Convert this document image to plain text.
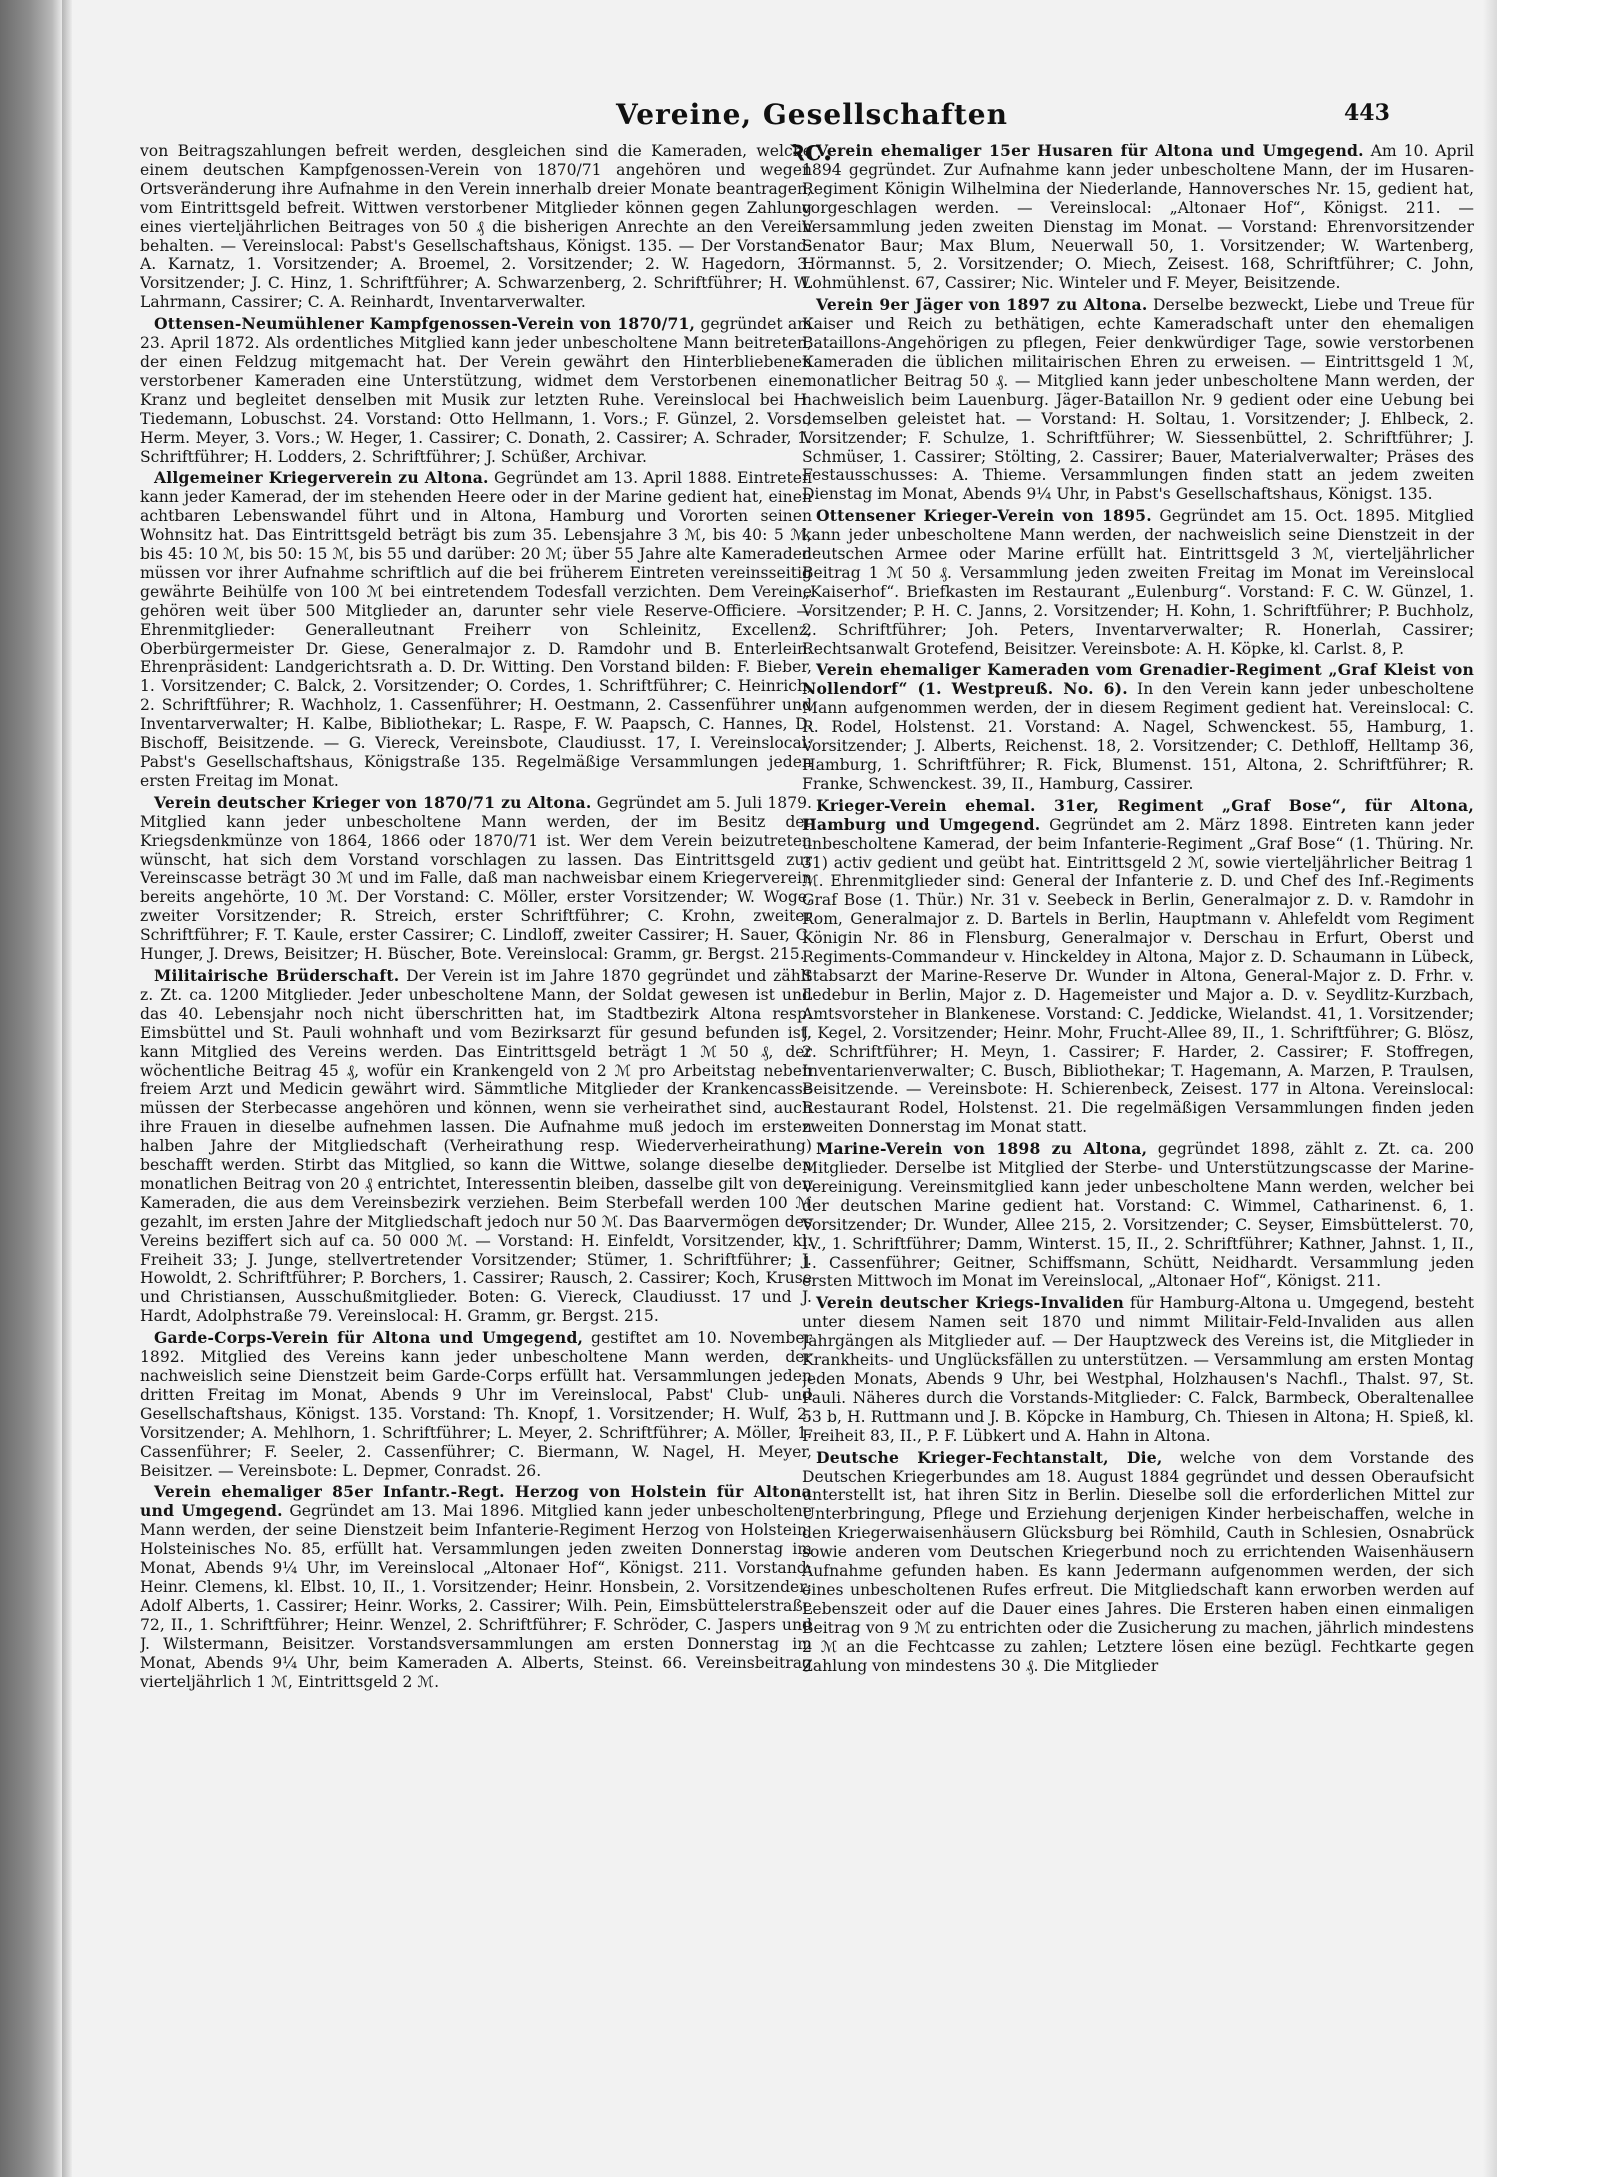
Vereine, Gesellschaften ꝛc.
443

von Beitragszahlungen befreit werden, desgleichen sind die Kameraden, welche einem deutschen Kampfgenossen-Verein von 1870/71 angehören und wegen Ortsveränderung ihre Aufnahme in den Verein innerhalb dreier Monate beantragen, vom Eintrittsgeld befreit. Wittwen verstorbener Mitglieder können gegen Zahlung eines vierteljährlichen Beitrages von 50 ₰ die bisherigen Anrechte an den Verein behalten. — Vereinslocal: Pabst's Gesellschaftshaus, Königst. 135. — Der Vorstand: A. Karnatz, 1. Vorsitzender; A. Broemel, 2. Vorsitzender; 2. W. Hagedorn, 3. Vorsitzender; J. C. Hinz, 1. Schriftführer; A. Schwarzenberg, 2. Schriftführer; H. W. Lahrmann, Cassirer; C. A. Reinhardt, Inventarverwalter.

Ottensen-Neumühlener Kampfgenossen-Verein von 1870/71, gegründet am 23. April 1872. Als ordentliches Mitglied kann jeder unbescholtene Mann beitreten, der einen Feldzug mitgemacht hat. Der Verein gewährt den Hinterbliebenen verstorbener Kameraden eine Unterstützung, widmet dem Verstorbenen einen Kranz und begleitet denselben mit Musik zur letzten Ruhe. Vereinslocal bei H. Tiedemann, Lobuschst. 24. Vorstand: Otto Hellmann, 1. Vors.; F. Günzel, 2. Vors.; Herm. Meyer, 3. Vors.; W. Heger, 1. Cassirer; C. Donath, 2. Cassirer; A. Schrader, 1. Schriftführer; H. Lodders, 2. Schriftführer; J. Schüßer, Archivar.

Allgemeiner Kriegerverein zu Altona. Gegründet am 13. April 1888. Eintreten kann jeder Kamerad, der im stehenden Heere oder in der Marine gedient hat, einen achtbaren Lebenswandel führt und in Altona, Hamburg und Vororten seinen Wohnsitz hat. Das Eintrittsgeld beträgt bis zum 35. Lebensjahre 3 ℳ, bis 40: 5 ℳ, bis 45: 10 ℳ, bis 50: 15 ℳ, bis 55 und darüber: 20 ℳ; über 55 Jahre alte Kameraden müssen vor ihrer Aufnahme schriftlich auf die bei früherem Eintreten vereinsseitig gewährte Beihülfe von 100 ℳ bei eintretendem Todesfall verzichten. Dem Vereine gehören weit über 500 Mitglieder an, darunter sehr viele Reserve-Officiere. — Ehrenmitglieder: Generalleutnant Freiherr von Schleinitz, Excellenz, Oberbürgermeister Dr. Giese, Generalmajor z. D. Ramdohr und B. Enterlein. Ehrenpräsident: Landgerichtsrath a. D. Dr. Witting. Den Vorstand bilden: F. Bieber, 1. Vorsitzender; C. Balck, 2. Vorsitzender; O. Cordes, 1. Schriftführer; C. Heinrich, 2. Schriftführer; R. Wachholz, 1. Cassenführer; H. Oestmann, 2. Cassenführer und Inventarverwalter; H. Kalbe, Bibliothekar; L. Raspe, F. W. Paapsch, C. Hannes, D. Bischoff, Beisitzende. — G. Viereck, Vereinsbote, Claudiusst. 17, I. Vereinslocal: Pabst's Gesellschaftshaus, Königstraße 135. Regelmäßige Versammlungen jeden ersten Freitag im Monat.

Verein deutscher Krieger von 1870/71 zu Altona. Gegründet am 5. Juli 1879. Mitglied kann jeder unbescholtene Mann werden, der im Besitz der Kriegsdenkmünze von 1864, 1866 oder 1870/71 ist. Wer dem Verein beizutreten wünscht, hat sich dem Vorstand vorschlagen zu lassen. Das Eintrittsgeld zur Vereinscasse beträgt 30 ℳ und im Falle, daß man nachweisbar einem Kriegerverein bereits angehörte, 10 ℳ. Der Vorstand: C. Möller, erster Vorsitzender; W. Woge, zweiter Vorsitzender; R. Streich, erster Schriftführer; C. Krohn, zweiter Schriftführer; F. T. Kaule, erster Cassirer; C. Lindloff, zweiter Cassirer; H. Sauer, C. Hunger, J. Drews, Beisitzer; H. Büscher, Bote. Vereinslocal: Gramm, gr. Bergst. 215.

Militairische Brüderschaft. Der Verein ist im Jahre 1870 gegründet und zählt z. Zt. ca. 1200 Mitglieder. Jeder unbescholtene Mann, der Soldat gewesen ist und das 40. Lebensjahr noch nicht überschritten hat, im Stadtbezirk Altona resp. Eimsbüttel und St. Pauli wohnhaft und vom Bezirksarzt für gesund befunden ist, kann Mitglied des Vereins werden. Das Eintrittsgeld beträgt 1 ℳ 50 ₰, der wöchentliche Beitrag 45 ₰, wofür ein Krankengeld von 2 ℳ pro Arbeitstag neben freiem Arzt und Medicin gewährt wird. Sämmtliche Mitglieder der Krankencasse müssen der Sterbecasse angehören und können, wenn sie verheirathet sind, auch ihre Frauen in dieselbe aufnehmen lassen. Die Aufnahme muß jedoch im ersten halben Jahre der Mitgliedschaft (Verheirathung resp. Wiederverheirathung) beschafft werden. Stirbt das Mitglied, so kann die Wittwe, solange dieselbe den monatlichen Beitrag von 20 ₰ entrichtet, Interessentin bleiben, dasselbe gilt von den Kameraden, die aus dem Vereinsbezirk verziehen. Beim Sterbefall werden 100 ℳ gezahlt, im ersten Jahre der Mitgliedschaft jedoch nur 50 ℳ. Das Baarvermögen des Vereins beziffert sich auf ca. 50 000 ℳ. — Vorstand: H. Einfeldt, Vorsitzender, kl. Freiheit 33; J. Junge, stellvertretender Vorsitzender; Stümer, 1. Schriftführer; J. Howoldt, 2. Schriftführer; P. Borchers, 1. Cassirer; Rausch, 2. Cassirer; Koch, Kruse und Christiansen, Ausschußmitglieder. Boten: G. Viereck, Claudiusst. 17 und J. Hardt, Adolphstraße 79. Vereinslocal: H. Gramm, gr. Bergst. 215.

Garde-Corps-Verein für Altona und Umgegend, gestiftet am 10. November 1892. Mitglied des Vereins kann jeder unbescholtene Mann werden, der nachweislich seine Dienstzeit beim Garde-Corps erfüllt hat. Versammlungen jeden dritten Freitag im Monat, Abends 9 Uhr im Vereinslocal, Pabst' Club- und Gesellschaftshaus, Königst. 135. Vorstand: Th. Knopf, 1. Vorsitzender; H. Wulf, 2. Vorsitzender; A. Mehlhorn, 1. Schriftführer; L. Meyer, 2. Schriftführer; A. Möller, 1. Cassenführer; F. Seeler, 2. Cassenführer; C. Biermann, W. Nagel, H. Meyer, Beisitzer. — Vereinsbote: L. Depmer, Conradst. 26.

Verein ehemaliger 85er Infantr.-Regt. Herzog von Holstein für Altona und Umgegend. Gegründet am 13. Mai 1896. Mitglied kann jeder unbescholtene Mann werden, der seine Dienstzeit beim Infanterie-Regiment Herzog von Holstein, Holsteinisches No. 85, erfüllt hat. Versammlungen jeden zweiten Donnerstag im Monat, Abends 9¼ Uhr, im Vereinslocal „Altonaer Hof“, Königst. 211. Vorstand: Heinr. Clemens, kl. Elbst. 10, II., 1. Vorsitzender; Heinr. Honsbein, 2. Vorsitzender; Adolf Alberts, 1. Cassirer; Heinr. Works, 2. Cassirer; Wilh. Pein, Eimsbüttelerstraße 72, II., 1. Schriftführer; Heinr. Wenzel, 2. Schriftführer; F. Schröder, C. Jaspers und J. Wilstermann, Beisitzer. Vorstandsversammlungen am ersten Donnerstag im Monat, Abends 9¼ Uhr, beim Kameraden A. Alberts, Steinst. 66. Vereinsbeitrag vierteljährlich 1 ℳ, Eintrittsgeld 2 ℳ.

Verein ehemaliger 15er Husaren für Altona und Umgegend. Am 10. April 1894 gegründet. Zur Aufnahme kann jeder unbescholtene Mann, der im Husaren-Regiment Königin Wilhelmina der Niederlande, Hannoversches Nr. 15, gedient hat, vorgeschlagen werden. — Vereinslocal: „Altonaer Hof“, Königst. 211. — Versammlung jeden zweiten Dienstag im Monat. — Vorstand: Ehrenvorsitzender Senator Baur; Max Blum, Neuerwall 50, 1. Vorsitzender; W. Wartenberg, Hörmannst. 5, 2. Vorsitzender; O. Miech, Zeisest. 168, Schriftführer; C. John, Lohmühlenst. 67, Cassirer; Nic. Winteler und F. Meyer, Beisitzende.

Verein 9er Jäger von 1897 zu Altona. Derselbe bezweckt, Liebe und Treue für Kaiser und Reich zu bethätigen, echte Kameradschaft unter den ehemaligen Bataillons-Angehörigen zu pflegen, Feier denkwürdiger Tage, sowie verstorbenen Kameraden die üblichen militairischen Ehren zu erweisen. — Eintrittsgeld 1 ℳ, monatlicher Beitrag 50 ₰. — Mitglied kann jeder unbescholtene Mann werden, der nachweislich beim Lauenburg. Jäger-Bataillon Nr. 9 gedient oder eine Uebung bei demselben geleistet hat. — Vorstand: H. Soltau, 1. Vorsitzender; J. Ehlbeck, 2. Vorsitzender; F. Schulze, 1. Schriftführer; W. Siessenbüttel, 2. Schriftführer; J. Schmüser, 1. Cassirer; Stölting, 2. Cassirer; Bauer, Materialverwalter; Präses des Festausschusses: A. Thieme. Versammlungen finden statt an jedem zweiten Dienstag im Monat, Abends 9¼ Uhr, in Pabst's Gesellschaftshaus, Königst. 135.

Ottensener Krieger-Verein von 1895. Gegründet am 15. Oct. 1895. Mitglied kann jeder unbescholtene Mann werden, der nachweislich seine Dienstzeit in der deutschen Armee oder Marine erfüllt hat. Eintrittsgeld 3 ℳ, vierteljährlicher Beitrag 1 ℳ 50 ₰. Versammlung jeden zweiten Freitag im Monat im Vereinslocal „Kaiserhof“. Briefkasten im Restaurant „Eulenburg“. Vorstand: F. C. W. Günzel, 1. Vorsitzender; P. H. C. Janns, 2. Vorsitzender; H. Kohn, 1. Schriftführer; P. Buchholz, 2. Schriftführer; Joh. Peters, Inventarverwalter; R. Honerlah, Cassirer; Rechtsanwalt Grotefend, Beisitzer. Vereinsbote: A. H. Köpke, kl. Carlst. 8, P.

Verein ehemaliger Kameraden vom Grenadier-Regiment „Graf Kleist von Nollendorf“ (1. Westpreuß. No. 6). In den Verein kann jeder unbescholtene Mann aufgenommen werden, der in diesem Regiment gedient hat. Vereinslocal: C. R. Rodel, Holstenst. 21. Vorstand: A. Nagel, Schwenckest. 55, Hamburg, 1. Vorsitzender; J. Alberts, Reichenst. 18, 2. Vorsitzender; C. Dethloff, Helltamp 36, Hamburg, 1. Schriftführer; R. Fick, Blumenst. 151, Altona, 2. Schriftführer; R. Franke, Schwenckest. 39, II., Hamburg, Cassirer.

Krieger-Verein ehemal. 31er, Regiment „Graf Bose“, für Altona, Hamburg und Umgegend. Gegründet am 2. März 1898. Eintreten kann jeder unbescholtene Kamerad, der beim Infanterie-Regiment „Graf Bose“ (1. Thüring. Nr. 31) activ gedient und geübt hat. Eintrittsgeld 2 ℳ, sowie vierteljährlicher Beitrag 1 ℳ. Ehrenmitglieder sind: General der Infanterie z. D. und Chef des Inf.-Regiments Graf Bose (1. Thür.) Nr. 31 v. Seebeck in Berlin, Generalmajor z. D. v. Ramdohr in Rom, Generalmajor z. D. Bartels in Berlin, Hauptmann v. Ahlefeldt vom Regiment Königin Nr. 86 in Flensburg, Generalmajor v. Derschau in Erfurt, Oberst und Regiments-Commandeur v. Hinckeldey in Altona, Major z. D. Schaumann in Lübeck, Stabsarzt der Marine-Reserve Dr. Wunder in Altona, General-Major z. D. Frhr. v. Ledebur in Berlin, Major z. D. Hagemeister und Major a. D. v. Seydlitz-Kurzbach, Amtsvorsteher in Blankenese. Vorstand: C. Jeddicke, Wielandst. 41, 1. Vorsitzender; J. Kegel, 2. Vorsitzender; Heinr. Mohr, Frucht-Allee 89, II., 1. Schriftführer; G. Blösz, 2. Schriftführer; H. Meyn, 1. Cassirer; F. Harder, 2. Cassirer; F. Stoffregen, Inventarienverwalter; C. Busch, Bibliothekar; T. Hagemann, A. Marzen, P. Traulsen, Beisitzende. — Vereinsbote: H. Schierenbeck, Zeisest. 177 in Altona. Vereinslocal: Restaurant Rodel, Holstenst. 21. Die regelmäßigen Versammlungen finden jeden zweiten Donnerstag im Monat statt.

Marine-Verein von 1898 zu Altona, gegründet 1898, zählt z. Zt. ca. 200 Mitglieder. Derselbe ist Mitglied der Sterbe- und Unterstützungscasse der Marine-Vereinigung. Vereinsmitglied kann jeder unbescholtene Mann werden, welcher bei der deutschen Marine gedient hat. Vorstand: C. Wimmel, Catharinenst. 6, 1. Vorsitzender; Dr. Wunder, Allee 215, 2. Vorsitzender; C. Seyser, Eimsbüttelerst. 70, IV., 1. Schriftführer; Damm, Winterst. 15, II., 2. Schriftführer; Kathner, Jahnst. 1, II., 1. Cassenführer; Geitner, Schiffsmann, Schütt, Neidhardt. Versammlung jeden ersten Mittwoch im Monat im Vereinslocal, „Altonaer Hof“, Königst. 211.

Verein deutscher Kriegs-Invaliden für Hamburg-Altona u. Umgegend, besteht unter diesem Namen seit 1870 und nimmt Militair-Feld-Invaliden aus allen Jahrgängen als Mitglieder auf. — Der Hauptzweck des Vereins ist, die Mitglieder in Krankheits- und Unglücksfällen zu unterstützen. — Versammlung am ersten Montag jeden Monats, Abends 9 Uhr, bei Westphal, Holzhausen's Nachfl., Thalst. 97, St. Pauli. Näheres durch die Vorstands-Mitglieder: C. Falck, Barmbeck, Oberaltenallee 53 b, H. Ruttmann und J. B. Köpcke in Hamburg, Ch. Thiesen in Altona; H. Spieß, kl. Freiheit 83, II., P. F. Lübkert und A. Hahn in Altona.

Deutsche Krieger-Fechtanstalt, Die, welche von dem Vorstande des Deutschen Kriegerbundes am 18. August 1884 gegründet und dessen Oberaufsicht unterstellt ist, hat ihren Sitz in Berlin. Dieselbe soll die erforderlichen Mittel zur Unterbringung, Pflege und Erziehung derjenigen Kinder herbeischaffen, welche in den Kriegerwaisenhäusern Glücksburg bei Römhild, Cauth in Schlesien, Osnabrück sowie anderen vom Deutschen Kriegerbund noch zu errichtenden Waisenhäusern Aufnahme gefunden haben. Es kann Jedermann aufgenommen werden, der sich eines unbescholtenen Rufes erfreut. Die Mitgliedschaft kann erworben werden auf Lebenszeit oder auf die Dauer eines Jahres. Die Ersteren haben einen einmaligen Beitrag von 9 ℳ zu entrichten oder die Zusicherung zu machen, jährlich mindestens 2 ℳ an die Fechtcasse zu zahlen; Letztere lösen eine bezügl. Fechtkarte gegen Zahlung von mindestens 30 ₰. Die Mitglieder
